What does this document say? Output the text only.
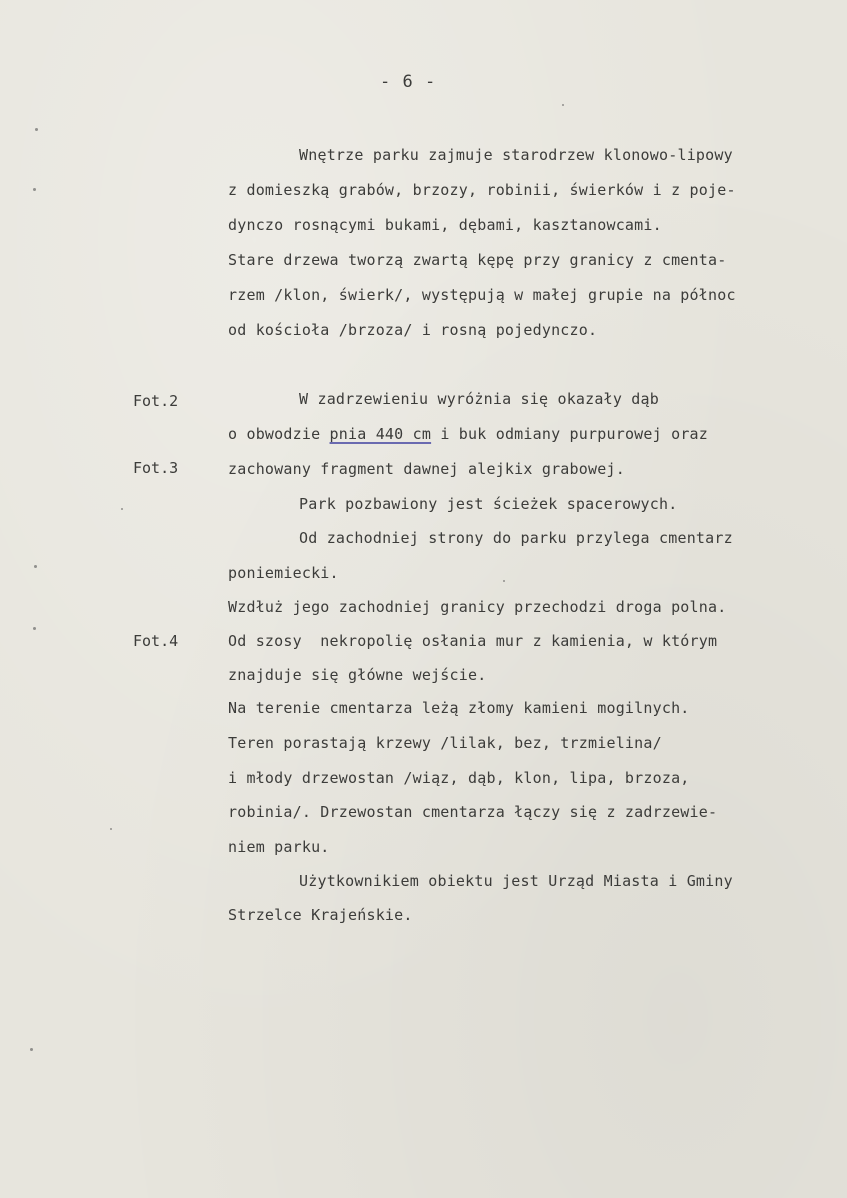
- 6 -
Wnętrze parku zajmuje starodrzew klonowo-lipowy
z domieszką grabów, brzozy, robinii, świerków i z poje-
dynczo rosnącymi bukami, dębami, kasztanowcami.
Stare drzewa tworzą zwartą kępę przy granicy z cmenta-
rzem /klon, świerk/, występują w małej grupie na północ
od kościoła /brzoza/ i rosną pojedynczo.
Fot.2
Fot.3
Fot.4
W zadrzewieniu wyróżnia się okazały dąb
o obwodzie pnia 440 cm i buk odmiany purpurowej oraz
zachowany fragment dawnej alejkix grabowej.
Park pozbawiony jest ścieżek spacerowych.
Od zachodniej strony do parku przylega cmentarz
poniemiecki.
Wzdłuż jego zachodniej granicy przechodzi droga polna.
Od szosy  nekropolię osłania mur z kamienia, w którym
znajduje się główne wejście.
Na terenie cmentarza leżą złomy kamieni mogilnych.
Teren porastają krzewy /lilak, bez, trzmielina/
i młody drzewostan /wiąz, dąb, klon, lipa, brzoza,
robinia/. Drzewostan cmentarza łączy się z zadrzewie-
niem parku.
Użytkownikiem obiektu jest Urząd Miasta i Gminy
Strzelce Krajeńskie.
